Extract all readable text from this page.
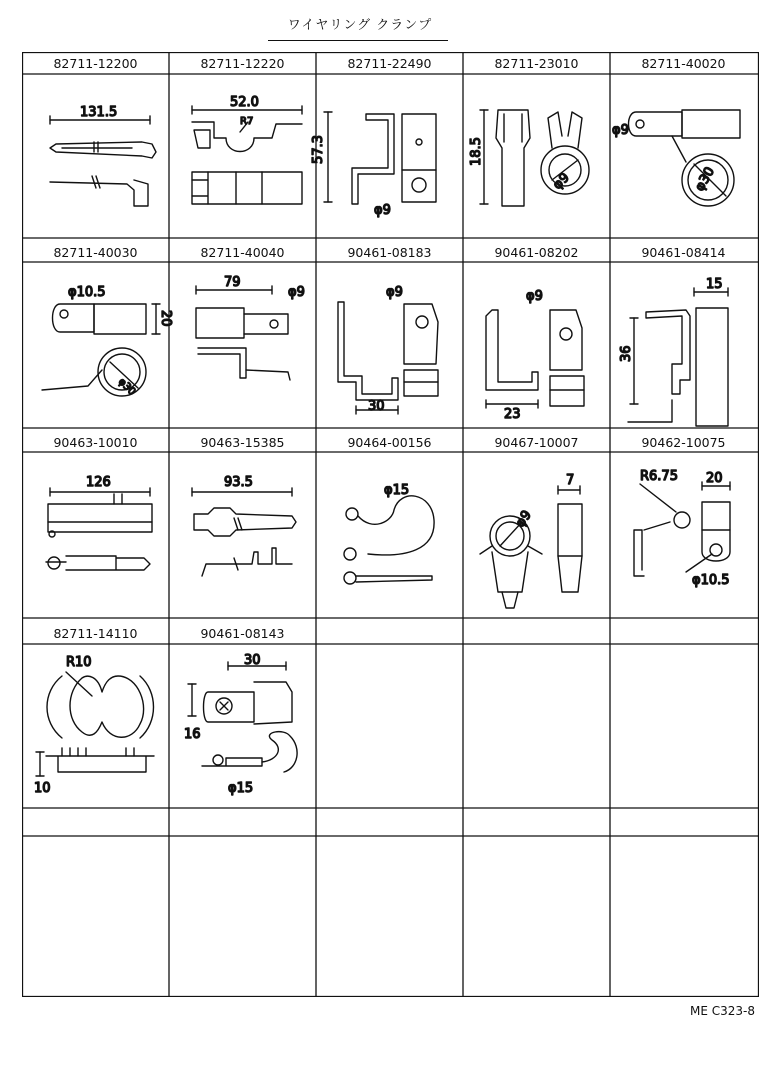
ワイヤリング クランプ
82711-12200	82711-12220	82711-22490	82711-23010	82711-40020
82711-40030	82711-40040	90461-08183	90461-08202	90461-08414
90463-10010	90463-15385	90464-00156	90467-10007	90462-10075
82711-14110	90461-08143
131.5
52.0
R7
57.3
φ9
18.5
φ9
φ9
φ30
φ10.5
20
φ30
79
φ9	φ9
30
φ9
23
15
36
126	93.5
φ15
φ9
7	R6.75 20
φ10.5
R10
10
30
16
φ15
ME C323-8
